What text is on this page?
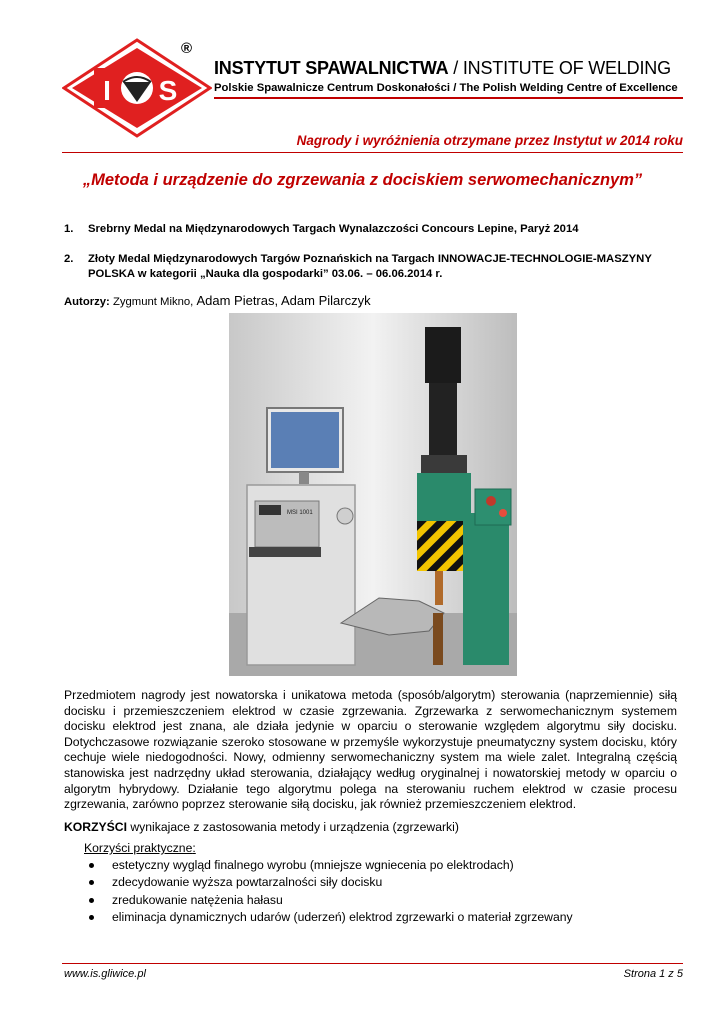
I S
®
INSTYTUT SPAWALNICTWA / INSTITUTE OF WELDING
Polskie Spawalnicze Centrum Doskonałości / The Polish Welding Centre of Excellence
Nagrody i wyróżnienia otrzymane przez Instytut w 2014 roku
„Metoda i urządzenie do zgrzewania z dociskiem serwomechanicznym”
1. Srebrny Medal na Międzynarodowych Targach Wynalazczości Concours Lepine, Paryż 2014
2. Złoty Medal Międzynarodowych Targów Poznańskich na Targach INNOWACJE-TECHNOLOGIE-MASZYNY POLSKA w kategorii „Nauka dla gospodarki” 03.06. – 06.06.2014 r.
Autorzy: Zygmunt Mikno, Adam Pietras, Adam Pilarczyk
MSI 1001
Przedmiotem nagrody jest nowatorska i unikatowa metoda (sposób/algorytm) sterowania (naprzemiennie) siłą docisku i przemieszczeniem elektrod w czasie zgrzewania. Zgrzewarka z serwomechanicznym systemem docisku elektrod jest znana, ale działa jedynie w oparciu o sterowanie względem algorytmu siły docisku. Dotychczasowe rozwiązanie szeroko stosowane w przemyśle wykorzystuje pneumatyczny system docisku, który cechuje wiele niedogodności. Nowy, odmienny serwomechaniczny system ma wiele zalet. Integralną częścią stanowiska jest nadrzędny układ sterowania, działający według oryginalnej i nowatorskiej metody w oparciu o algorytm hybrydowy. Działanie tego algorytmu polega na sterowaniu ruchem elektrod w czasie procesu zgrzewania, zarówno poprzez sterowanie siłą docisku, jak również przemieszczeniem elektrod.
KORZYŚCI wynikajace z zastosowania metody i urządzenia (zgrzewarki)
Korzyści praktyczne:
estetyczny wygląd finalnego wyrobu (mniejsze wgniecenia po elektrodach)
zdecydowanie wyższa powtarzalności siły docisku
zredukowanie natężenia hałasu
eliminacja dynamicznych udarów (uderzeń) elektrod zgrzewarki o materiał zgrzewany
www.is.gliwice.pl	Strona 1 z 5
